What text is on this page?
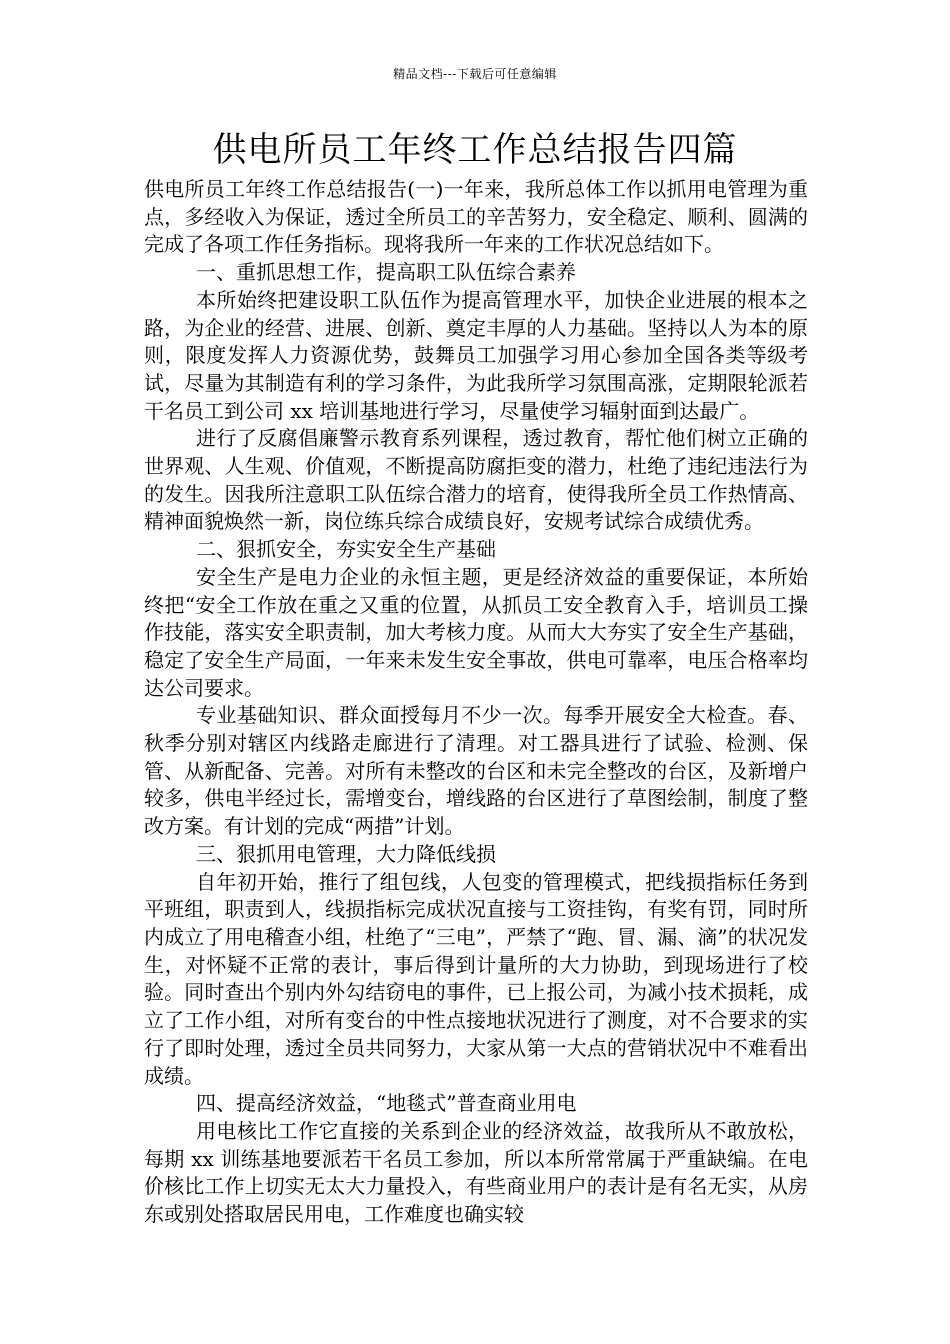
精品文档---下载后可任意编辑
供电所员工年终工作总结报告四篇

供电所员工年终工作总结报告(一)一年来，我所总体工作以抓用电管理为重点，多经收入为保证，透过全所员工的辛苦努力，安全稳定、顺利、圆满的完成了各项工作任务指标。现将我所一年来的工作状况总结如下。

一、重抓思想工作，提高职工队伍综合素养

本所始终把建设职工队伍作为提高管理水平，加快企业进展的根本之路，为企业的经营、进展、创新、奠定丰厚的人力基础。坚持以人为本的原则，限度发挥人力资源优势，鼓舞员工加强学习用心参加全国各类等级考试，尽量为其制造有利的学习条件，为此我所学习氛围高涨，定期限轮派若干名员工到公司 xx 培训基地进行学习，尽量使学习辐射面到达最广。

进行了反腐倡廉警示教育系列课程，透过教育，帮忙他们树立正确的世界观、人生观、价值观，不断提高防腐拒变的潜力，杜绝了违纪违法行为的发生。因我所注意职工队伍综合潜力的培育，使得我所全员工作热情高、精神面貌焕然一新，岗位练兵综合成绩良好，安规考试综合成绩优秀。

二、狠抓安全，夯实安全生产基础

安全生产是电力企业的永恒主题，更是经济效益的重要保证，本所始终把“安全工作放在重之又重的位置，从抓员工安全教育入手，培训员工操作技能，落实安全职责制，加大考核力度。从而大大夯实了安全生产基础，稳定了安全生产局面，一年来未发生安全事故，供电可靠率，电压合格率均达公司要求。

专业基础知识、群众面授每月不少一次。每季开展安全大检查。春、秋季分别对辖区内线路走廊进行了清理。对工器具进行了试验、检测、保管、从新配备、完善。对所有未整改的台区和未完全整改的台区，及新增户较多，供电半经过长，需增变台，增线路的台区进行了草图绘制，制度了整改方案。有计划的完成“两措”计划。

三、狠抓用电管理，大力降低线损

自年初开始，推行了组包线，人包变的管理模式，把线损指标任务到平班组，职责到人，线损指标完成状况直接与工资挂钩，有奖有罚，同时所内成立了用电稽查小组，杜绝了“三电”，严禁了“跑、冒、漏、滴”的状况发生，对怀疑不正常的表计，事后得到计量所的大力协助，到现场进行了校验。同时查出个别内外勾结窃电的事件，已上报公司，为减小技术损耗，成立了工作小组，对所有变台的中性点接地状况进行了测度，对不合要求的实行了即时处理，透过全员共同努力，大家从第一大点的营销状况中不难看出成绩。

四、提高经济效益，“地毯式”普查商业用电

用电核比工作它直接的关系到企业的经济效益，故我所从不敢放松，每期 xx 训练基地要派若干名员工参加，所以本所常常属于严重缺编。在电价核比工作上切实无太大力量投入，有些商业用户的表计是有名无实，从房东或别处搭取居民用电，工作难度也确实较
